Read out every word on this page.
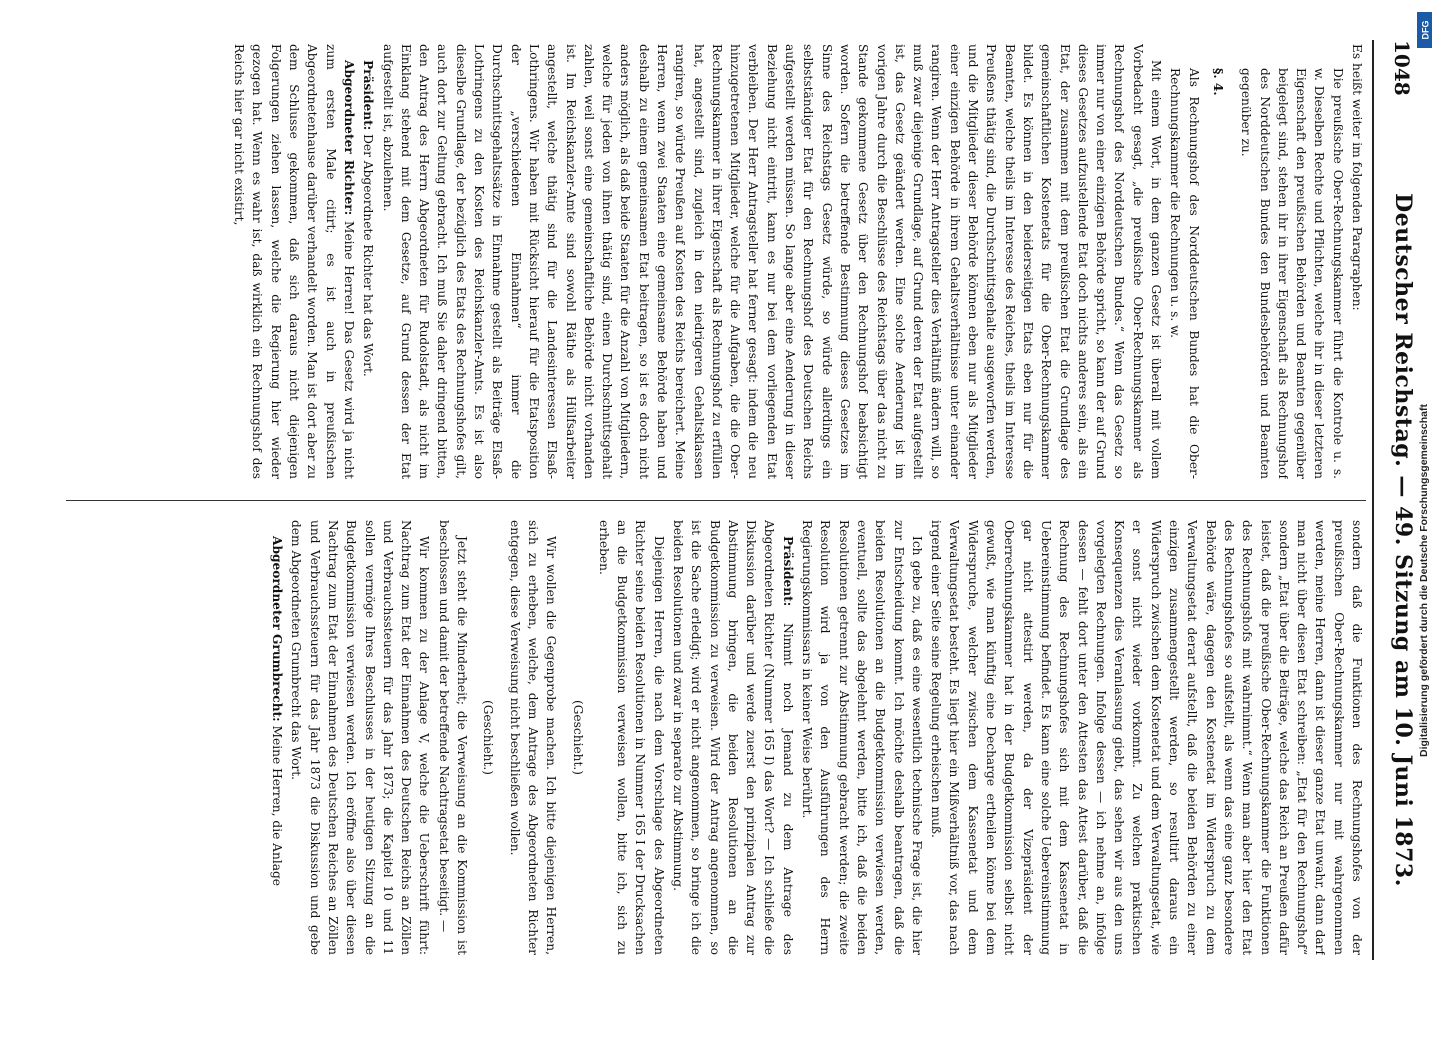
1048
Deutscher Reichstag. — 49. Sitzung am 10. Juni 1873.

Es heißt weiter im folgenden Paragraphen:

Die preußische Ober-Rechnungskammer führt die Kontrole u. s. w. Dieselben Rechte und Pflichten, welche ihr in dieser letzteren Eigenschaft den preußischen Behörden und Beamten gegenüber beigelegt sind, stehen ihr in ihrer Eigenschaft als Rechnungshof des Norddeutschen Bundes den Bundesbehörden und Beamten gegenüber zu.

§. 4.

Als Rechnungshof des Norddeutschen Bundes hat die Ober-Rechnungskammer die Rechnungen u. s. w.

Mit einem Wort, in dem ganzen Gesetz ist überall mit vollem Vorbedacht gesagt, „die preußische Ober-Rechnungskammer als Rechnungshof des Norddeutschen Bundes.“ Wenn das Gesetz so immer nur von einer einzigen Behörde spricht, so kann der auf Grund dieses Gesetzes aufzustellende Etat doch nichts anderes sein, als ein Etat, der zusammen mit dem preußischen Etat die Grundlage des gemeinschaftlichen Kostenetats für die Ober-Rechnungskammer bildet. Es können in den beiderseitigen Etats eben nur für die Beamten, welche theils im Interesse des Reiches, theils im Interesse Preußens thätig sind, die Durchschnittsgehalte ausgeworfen werden, und die Mitglieder dieser Behörde können eben nur als Mitglieder einer einzigen Behörde in ihrem Gehaltsverhältnisse unter einander rangiren. Wenn der Herr Antragsteller dies Verhältniß ändern will, so muß zwar diejenige Grundlage, auf Grund deren der Etat aufgestellt ist, das Gesetz geändert werden. Eine solche Aenderung ist im vorigen Jahre durch die Beschlüsse des Reichstags über das nicht zu Stande gekommene Gesetz über den Rechnungshof beabsichtigt worden. Sofern die betreffende Bestimmung dieses Gesetzes im Sinne des Reichstags Gesetz würde, so würde allerdings ein selbstständiger Etat für den Rechnungshof des Deutschen Reichs aufgestellt werden müssen. So lange aber eine Aenderung in dieser Beziehung nicht eintritt, kann es nur bei dem vorliegenden Etat verbleiben. Der Herr Antragsteller hat ferner gesagt: indem die neu hinzugetretenen Mitglieder, welche für die Aufgaben, die die Ober-Rechnungskammer in ihrer Eigenschaft als Rechnungshof zu erfüllen hat, angestellt sind, zugleich in den niedrigeren Gehaltsklassen rangiren, so würde Preußen auf Kosten des Reichs bereichert. Meine Herren, wenn zwei Staaten eine gemeinsame Behörde haben und deshalb zu einem gemeinsamen Etat beitragen, so ist es doch nicht anders möglich, als daß beide Staaten für die Anzahl von Mitgliedern, welche für jeden von ihnen thätig sind, einen Durchschnittsgehalt zahlen, weil sonst eine gemeinschaftliche Behörde nicht vorhanden ist. Im Reichskanzler-Amte sind sowohl Räthe als Hülfsarbeiter angestellt, welche thätig sind für die Landesinteressen Elsaß-Lothringens. Wir haben mit Rücksicht hierauf für die Etatsposition der „verschiedenen Einnahmen“ immer die Durchschnittsgehaltssätze in Einnahme gestellt als Beiträge Elsaß-Lothringens zu den Kosten des Reichskanzler-Amts. Es ist also dieselbe Grundlage, der bezüglich des Etats des Rechnungshofes gilt, auch dort zur Geltung gebracht. Ich muß Sie daher dringend bitten, den Antrag des Herrn Abgeordneten für Rudolstadt, als nicht im Einklang stehend mit dem Gesetze, auf Grund dessen der Etat aufgestellt ist, abzulehnen.

Präsident: Der Abgeordnete Richter hat das Wort.

Abgeordneter Richter: Meine Herren! Das Gesetz wird ja nicht zum ersten Male citirt; es ist auch in preußischen Abgeordnetenhause darüber verhandelt worden. Man ist dort aber zu dem Schlusse gekommen, daß sich daraus nicht diejenigen Folgerungen ziehen lassen, welche die Regierung hier wieder gezogen hat. Wenn es wahr ist, daß wirklich ein Rechnungshof des Reichs hier gar nicht existirt,

sondern daß die Funktionen des Rechnungshofes von der preußischen Ober-Rechnungskammer nur mit wahrgenommen werden, meine Herren, dann ist dieser ganze Etat unwahr, dann darf man nicht über diesen Etat schreiben: „Etat für den Rechnungshof“ sondern „Etat über die Beiträge, welche das Reich an Preußen dafür leistet, daß die preußische Ober-Rechnungskammer die Funktionen des Rechnungshofs mit wahrnimmt.“ Wenn man aber hier den Etat des Rechnungshofes so aufstellt, als wenn das eine ganz besondere Behörde wäre, dagegen den Kostenetat im Widerspruch zu dem Verwaltungsetat derart aufstellt, daß die beiden Behörden zu einer einzigen zusammengestellt werden, so resultirt daraus ein Widerspruch zwischen dem Kostenetat und dem Verwaltungsetat, wie er sonst nicht wieder vorkommt. Zu welchen praktischen Konsequenzen dies Veranlassung giebt, das sehen wir aus den uns vorgelegten Rechnungen. Infolge dessen — ich nehme an, infolge dessen — fehlt dort unter den Attesten das Attest darüber, daß die Rechnung des Rechnungshofes sich mit dem Kassenetat in Uebereinstimmung befindet. Es kann eine solche Uebereinstimmung gar nicht attestirt werden, da der Vizepräsident der Oberrechnungskammer hat in der Budgetkommission selbst nicht gewußt, wie man künftig eine Decharge ertheilen könne bei dem Widerspruche, welcher zwischen dem Kassenetat und dem Verwaltungsetat besteht. Es liegt hier ein Mißverhältniß vor, das nach irgend einer Seite seine Regelung erheischen muß.

Ich gebe zu, daß es eine wesentlich technische Frage ist, die hier zur Entscheidung kommt. Ich möchte deshalb beantragen, daß die beiden Resolutionen an die Budgetkommission verwiesen werden, eventuell, sollte das abgelehnt werden, bitte ich, daß die beiden Resolutionen getrennt zur Abstimmung gebracht werden; die zweite Resolution wird ja von den Ausführungen des Herrn Regierungskommissars in keiner Weise berührt.

Präsident: Nimmt noch Jemand zu dem Antrage des Abgeordneten Richter (Nummer 165 I) das Wort? — Ich schließe die Diskussion darüber und werde zuerst den prinzipalen Antrag zur Abstimmung bringen, die beiden Resolutionen an die Budgetkommission zu verweisen. Wird der Antrag angenommen, so ist die Sache erledigt; wird er nicht angenommen, so bringe ich die beiden Resolutionen und zwar in separato zur Abstimmung.

Diejenigen Herren, die nach dem Vorschlage des Abgeordneten Richter seine beiden Resolutionen in Nummer 165 I der Drucksachen an die Budgetkommission verweisen wollen, bitte ich, sich zu erheben.

(Geschieht.)

Wir wollen die Gegenprobe machen. Ich bitte diejenigen Herren, sich zu erheben, welche, dem Antrage des Abgeordneten Richter entgegen, diese Verweisung nicht beschließen wollen.

(Geschieht.)

Jetzt steht die Minderheit; die Verweisung an die Kommission ist beschlossen und damit der betreffende Nachtragsetat beseitigt. —

Wir kommen zu der Anlage V, welche die Ueberschrift führt: Nachtrag zum Etat der Einnahmen des Deutschen Reichs an Zöllen und Verbrauchssteuern für das Jahr 1873; die Kapitel 10 und 11 sollen vermöge Ihres Beschlusses in der heutigen Sitzung an die Budgetkommission verwiesen werden. Ich eröffne also über diesen Nachtrag zum Etat der Einnahmen des Deutschen Reiches an Zöllen und Verbrauchssteuern für das Jahr 1873 die Diskussion und gebe dem Abgeordneten Grumbrecht das Wort.

Abgeordneter Grumbrecht: Meine Herren, die Anlage

DFG
Digitalisierung gefördert durch die Deutsche Forschungsgemeinschaft
